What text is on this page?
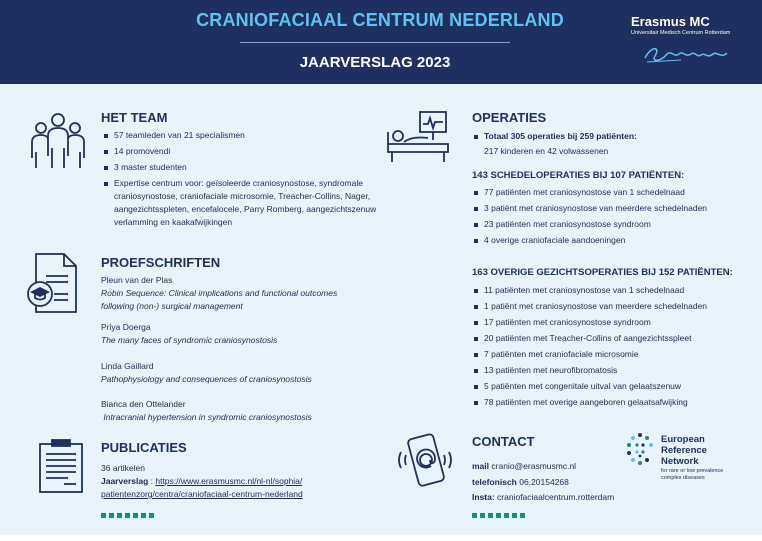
CRANIOFACIAAL CENTRUM NEDERLAND
JAARVERSLAG 2023
Erasmus MC
Universitair Medisch Centrum Rotterdam
HET TEAM
57 teamleden van 21 specialismen
14 promovendi
3 master studenten
Expertise centrum voor: geïsoleerde craniosynostose, syndromale craniosynostose, craniofaciale microsomie, Treacher-Collins, Nager, aangezichtsspleten, encefalocele, Parry Romberg, aangezichtszenuw verlamming en kaakafwijkingen
PROEFSCHRIFTEN
Pleun van der Plas
Robin Sequence: Clinical implications and functional outcomes following (non-) surgical management
Priya Doerga
The many faces of syndromic craniosynostosis
Linda Gaillard
Pathophysiology and consequences of craniosynostosis
Bianca den Ottelander
Intracranial hypertension in syndromic craniosynostosis
PUBLICATIES
36 artikelen
Jaarverslag : https://www.erasmusmc.nl/nl-nl/sophia/
patientenzorg/centra/craniofaciaal-centrum-nederland
OPERATIES
Totaal 305 operaties bij 259 patiënten:
217 kinderen en 42 volwassenen
143 SCHEDELOPERATIES BIJ 107 PATIËNTEN:
77 patiënten met craniosynostose van 1 schedelnaad
3 patiënt met craniosynostose van meerdere schedelnaden
23 patiënten met craniosynostose syndroom
4 overige craniofaciale aandoeningen
163 OVERIGE GEZICHTSOPERATIES BIJ 152 PATIËNTEN:
11 patiënten met craniosynostose van 1 schedelnaad
1 patiënt met craniosynostose van meerdere schedelnaden
17 patiënten met craniosynostose syndroom
20 patiënten met Treacher-Collins of aangezichtsspleet
7 patiënten met craniofaciale microsomie
13 patiënten met neurofibromatosis
5 patiënten met congenitale uitval van gelaatszenuw
78 patiënten met overige aangeboren gelaatsafwijking
CONTACT
mail cranio@erasmusmc.nl
telefonisch 06.20154268
Insta: craniofaciaalcentrum.rotterdam
European
Reference
Network
for rare or low prevalence
complex diseases
